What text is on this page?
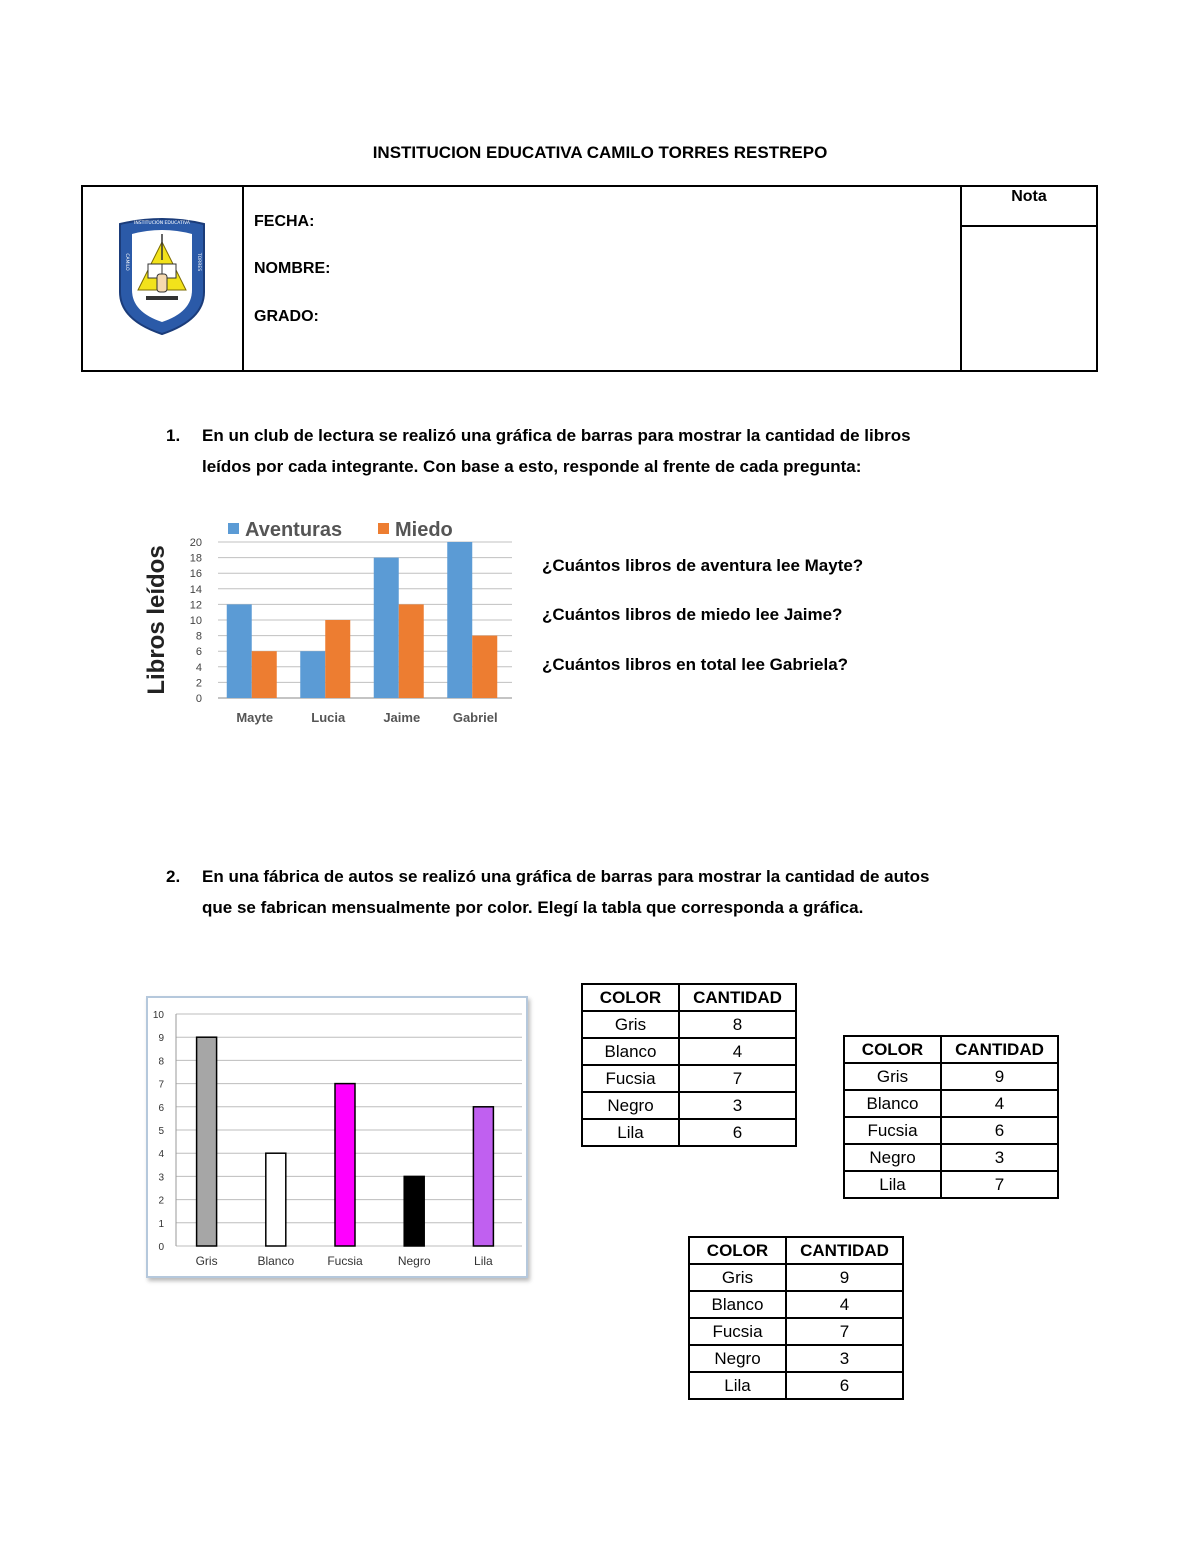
INSTITUCION EDUCATIVA CAMILO TORRES RESTREPO
INSTITUCIÓN EDUCATIVA
CAMILO	TORRES
RESTREPO
Nota
FECHA:
NOMBRE:
GRADO:
1. En un club de lectura se realizó una gráfica de barras para mostrar la cantidad de libros
leídos por cada integrante. Con base a esto, responde al frente de cada pregunta:
0
2
4
6
8
10
12
14
16
18
20
Libros leídos
Mayte	Lucia	Jaime	Gabriel
Aventuras	Miedo
¿Cuántos libros de aventura lee Mayte?
¿Cuántos libros de miedo lee Jaime?
¿Cuántos libros en total lee Gabriela?
2. En una fábrica de autos se realizó una gráfica de barras para mostrar la cantidad de autos
que se fabrican mensualmente por color. Elegí la tabla que corresponda a gráfica.
0
1
2
3
4
5
6
7
8
9
10
Gris	Blanco	Fucsia	Negro	Lila
COLOR	CANTIDAD
Gris	8
Blanco	4
Fucsia	7
Negro	3
Lila	6
COLOR	CANTIDAD
Gris	9
Blanco	4
Fucsia	6
Negro	3
Lila	7
COLOR	CANTIDAD
Gris	9
Blanco	4
Fucsia	7
Negro	3
Lila	6
